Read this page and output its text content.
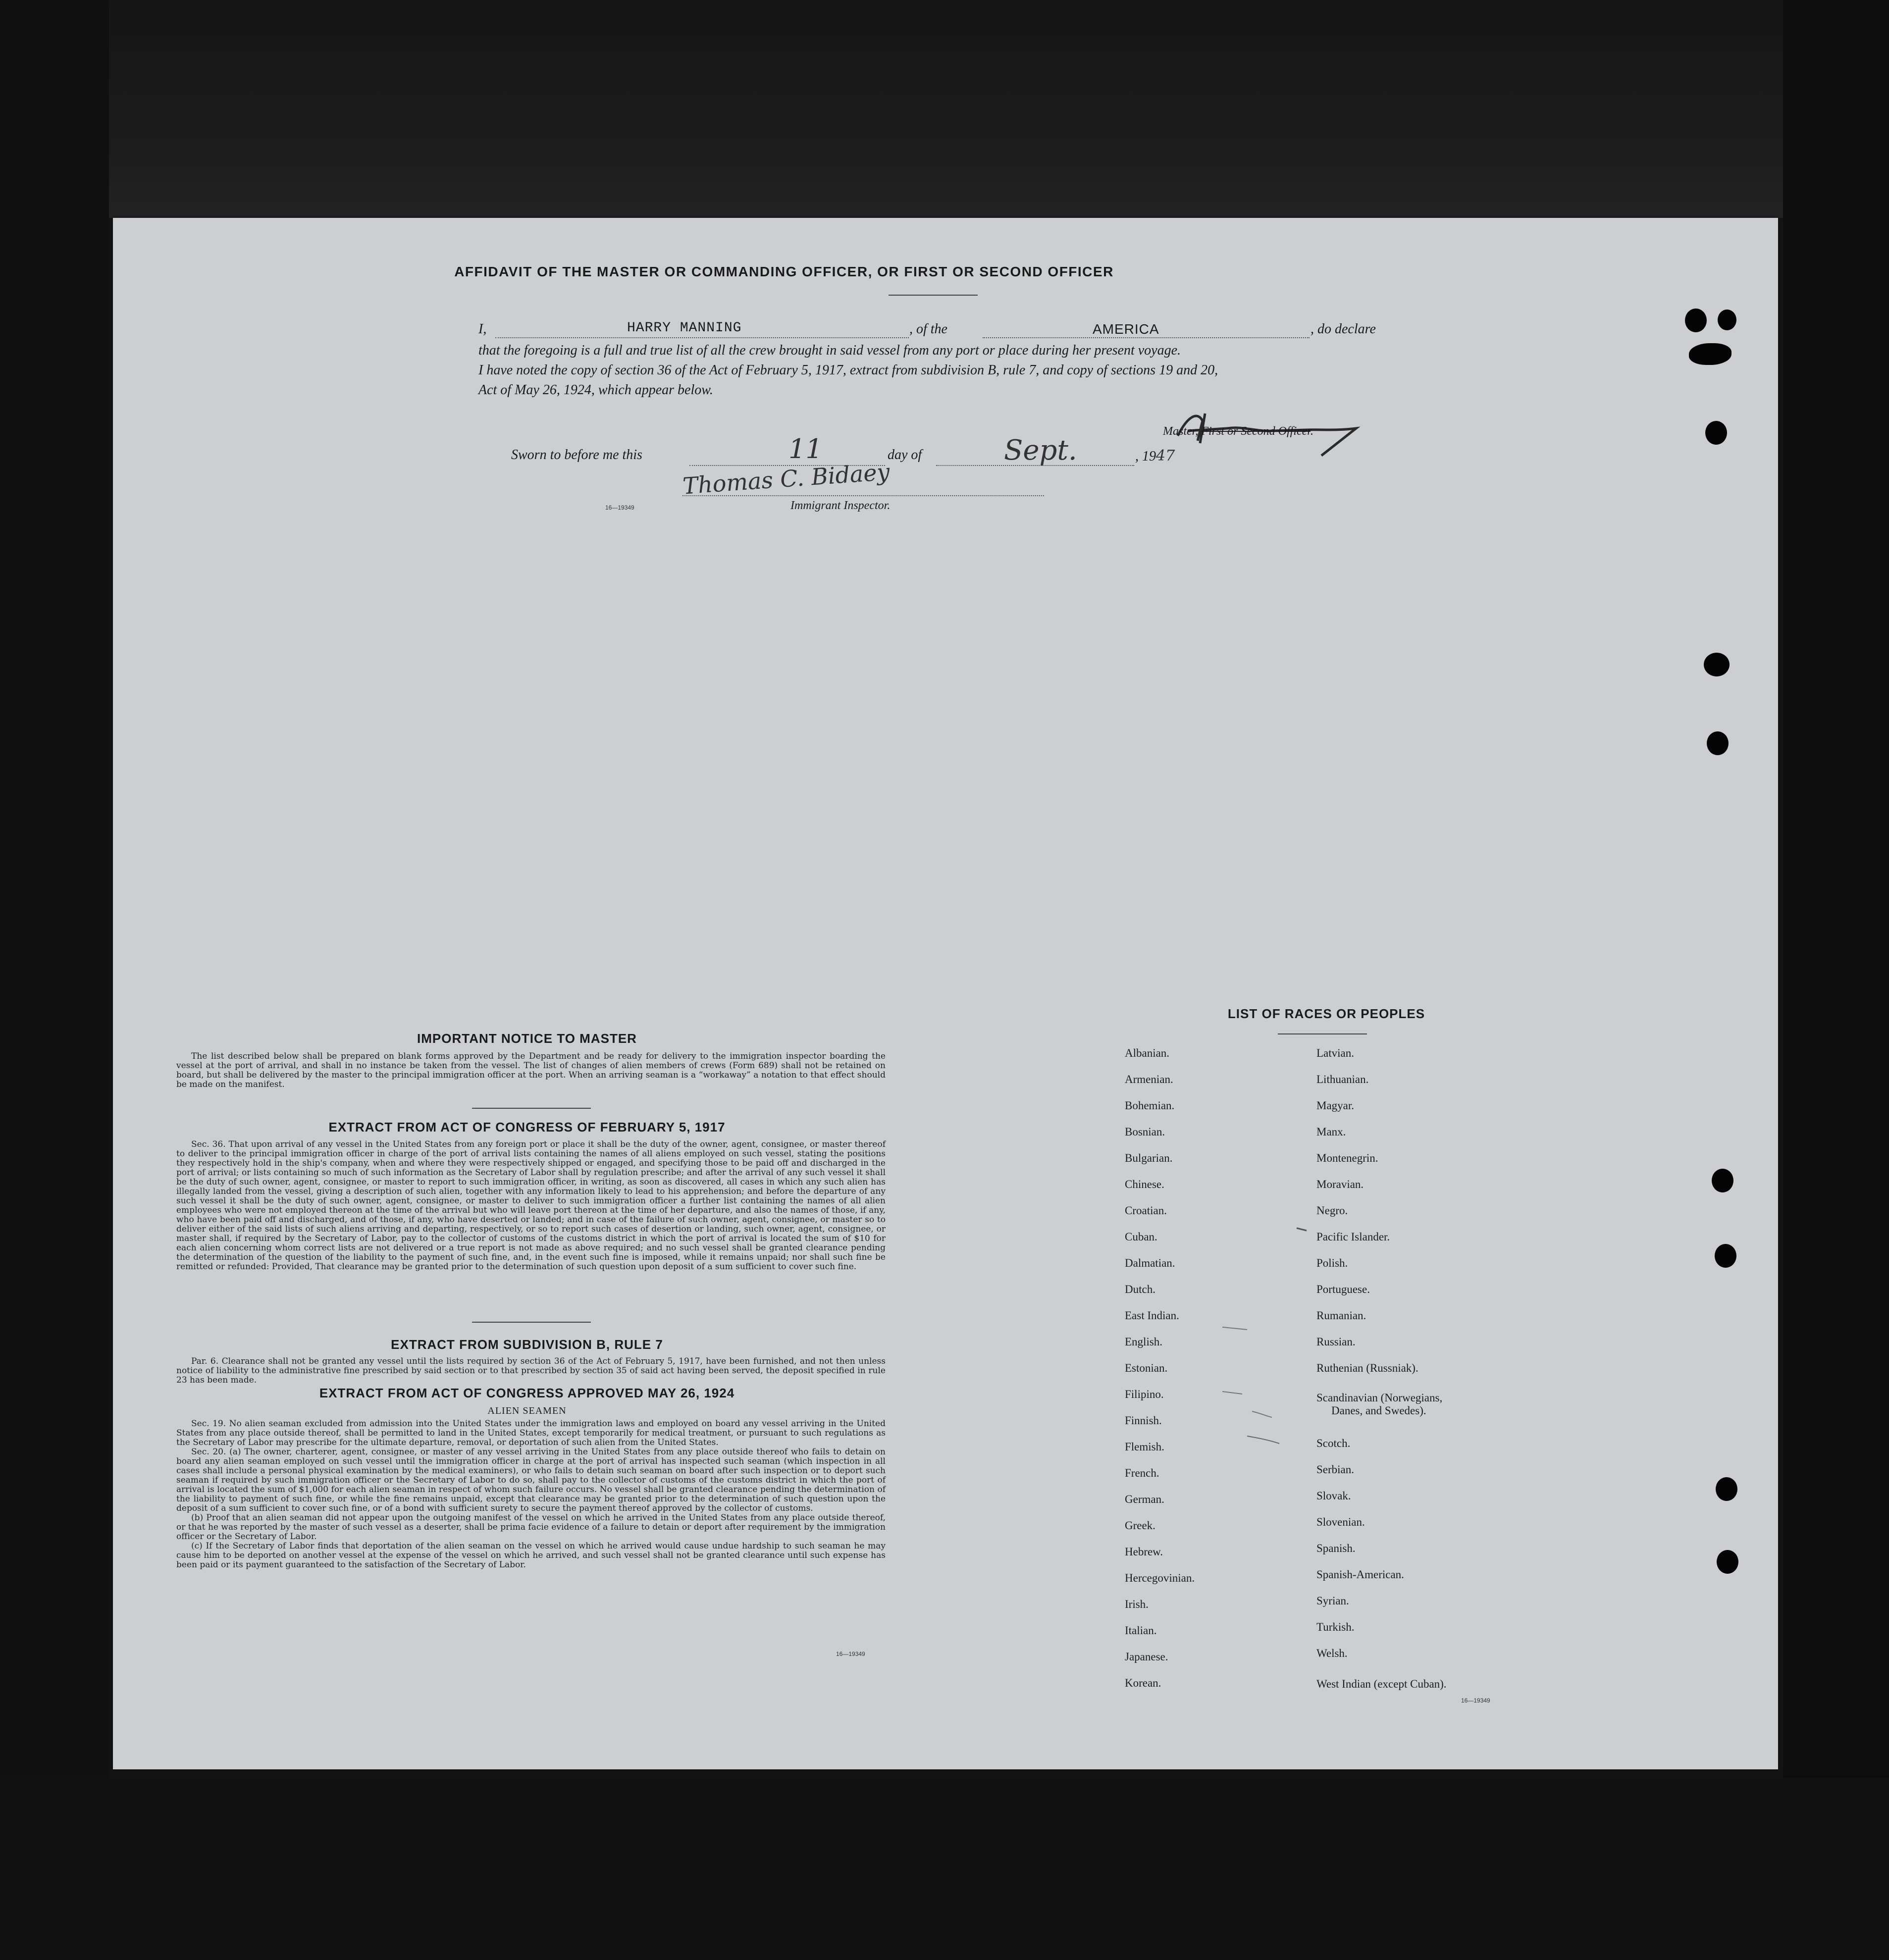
AFFIDAVIT OF THE MASTER OR COMMANDING OFFICER, OR FIRST OR SECOND OFFICER
I,	HARRY MANNING	, of the	AMERICA	, do declare
that the foregoing is a full and true list of all the crew brought in said vessel from any port or place during her present voyage.
I have noted the copy of section 36 of the Act of February 5, 1917, extract from subdivision B, rule 7, and copy of sections 19 and 20,
Act of May 26, 1924, which appear below.
Master, First or Second Officer.
Sworn to before me this	11	day of	Sept.	, 1947
Thomas C. Bidaey
16—19349	Immigrant Inspector.
IMPORTANT NOTICE TO MASTER

The list described below shall be prepared on blank forms approved by the Department and be ready for delivery to the immigration inspector boarding the vessel at the port of arrival, and shall in no instance be taken from the vessel. The list of changes of alien members of crews (Form 689) shall not be retained on board, but shall be delivered by the master to the principal immigration officer at the port. When an arriving seaman is a “workaway” a notation to that effect should be made on the manifest.

EXTRACT FROM ACT OF CONGRESS OF FEBRUARY 5, 1917

Sec. 36. That upon arrival of any vessel in the United States from any foreign port or place it shall be the duty of the owner, agent, consignee, or master thereof to deliver to the principal immigration officer in charge of the port of arrival lists containing the names of all aliens employed on such vessel, stating the positions they respectively hold in the ship's company, when and where they were respectively shipped or engaged, and specifying those to be paid off and discharged in the port of arrival; or lists containing so much of such information as the Secretary of Labor shall by regulation prescribe; and after the arrival of any such vessel it shall be the duty of such owner, agent, consignee, or master to report to such immigration officer, in writing, as soon as discovered, all cases in which any such alien has illegally landed from the vessel, giving a description of such alien, together with any information likely to lead to his apprehension; and before the departure of any such vessel it shall be the duty of such owner, agent, consignee, or master to deliver to such immigration officer a further list containing the names of all alien employees who were not employed thereon at the time of the arrival but who will leave port thereon at the time of her departure, and also the names of those, if any, who have been paid off and discharged, and of those, if any, who have deserted or landed; and in case of the failure of such owner, agent, consignee, or master so to deliver either of the said lists of such aliens arriving and departing, respectively, or so to report such cases of desertion or landing, such owner, agent, consignee, or master shall, if required by the Secretary of Labor, pay to the collector of customs of the customs district in which the port of arrival is located the sum of $10 for each alien concerning whom correct lists are not delivered or a true report is not made as above required; and no such vessel shall be granted clearance pending the determination of the question of the liability to the payment of such fine, and, in the event such fine is imposed, while it remains unpaid; nor shall such fine be remitted or refunded: Provided, That clearance may be granted prior to the determination of such question upon deposit of a sum sufficient to cover such fine.

EXTRACT FROM SUBDIVISION B, RULE 7

Par. 6. Clearance shall not be granted any vessel until the lists required by section 36 of the Act of February 5, 1917, have been furnished, and not then unless notice of liability to the administrative fine prescribed by said section or to that prescribed by section 35 of said act having been served, the deposit specified in rule 23 has been made.

EXTRACT FROM ACT OF CONGRESS APPROVED MAY 26, 1924
ALIEN SEAMEN

Sec. 19. No alien seaman excluded from admission into the United States under the immigration laws and employed on board any vessel arriving in the United States from any place outside thereof, shall be permitted to land in the United States, except temporarily for medical treatment, or pursuant to such regulations as the Secretary of Labor may prescribe for the ultimate departure, removal, or deportation of such alien from the United States.

Sec. 20. (a) The owner, charterer, agent, consignee, or master of any vessel arriving in the United States from any place outside thereof who fails to detain on board any alien seaman employed on such vessel until the immigration officer in charge at the port of arrival has inspected such seaman (which inspection in all cases shall include a personal physical examination by the medical examiners), or who fails to detain such seaman on board after such inspection or to deport such seaman if required by such immigration officer or the Secretary of Labor to do so, shall pay to the collector of customs of the customs district in which the port of arrival is located the sum of $1,000 for each alien seaman in respect of whom such failure occurs. No vessel shall be granted clearance pending the determination of the liability to payment of such fine, or while the fine remains unpaid, except that clearance may be granted prior to the determination of such question upon the deposit of a sum sufficient to cover such fine, or of a bond with sufficient surety to secure the payment thereof approved by the collector of customs.

(b) Proof that an alien seaman did not appear upon the outgoing manifest of the vessel on which he arrived in the United States from any place outside thereof, or that he was reported by the master of such vessel as a deserter, shall be prima facie evidence of a failure to detain or deport after requirement by the immigration officer or the Secretary of Labor.

(c) If the Secretary of Labor finds that deportation of the alien seaman on the vessel on which he arrived would cause undue hardship to such seaman he may cause him to be deported on another vessel at the expense of the vessel on which he arrived, and such vessel shall not be granted clearance until such expense has been paid or its payment guaranteed to the satisfaction of the Secretary of Labor.

16—19349
LIST OF RACES OR PEOPLES
Albanian.
Armenian.
Bohemian.
Bosnian.
Bulgarian.
Chinese.
Croatian.
Cuban.
Dalmatian.
Dutch.
East Indian.
English.
Estonian.
Filipino.
Finnish.
Flemish.
French.
German.
Greek.
Hebrew.
Hercegovinian.
Irish.
Italian.
Japanese.
Korean.
Latvian.
Lithuanian.
Magyar.
Manx.
Montenegrin.
Moravian.
Negro.
Pacific Islander.
Polish.
Portuguese.
Rumanian.
Russian.
Ruthenian (Russniak).
Scandinavian (Norwegians,
Danes, and Swedes).
Scotch.
Serbian.
Slovak.
Slovenian.
Spanish.
Spanish-American.
Syrian.
Turkish.
Welsh.
West Indian (except Cuban).
16—19349
